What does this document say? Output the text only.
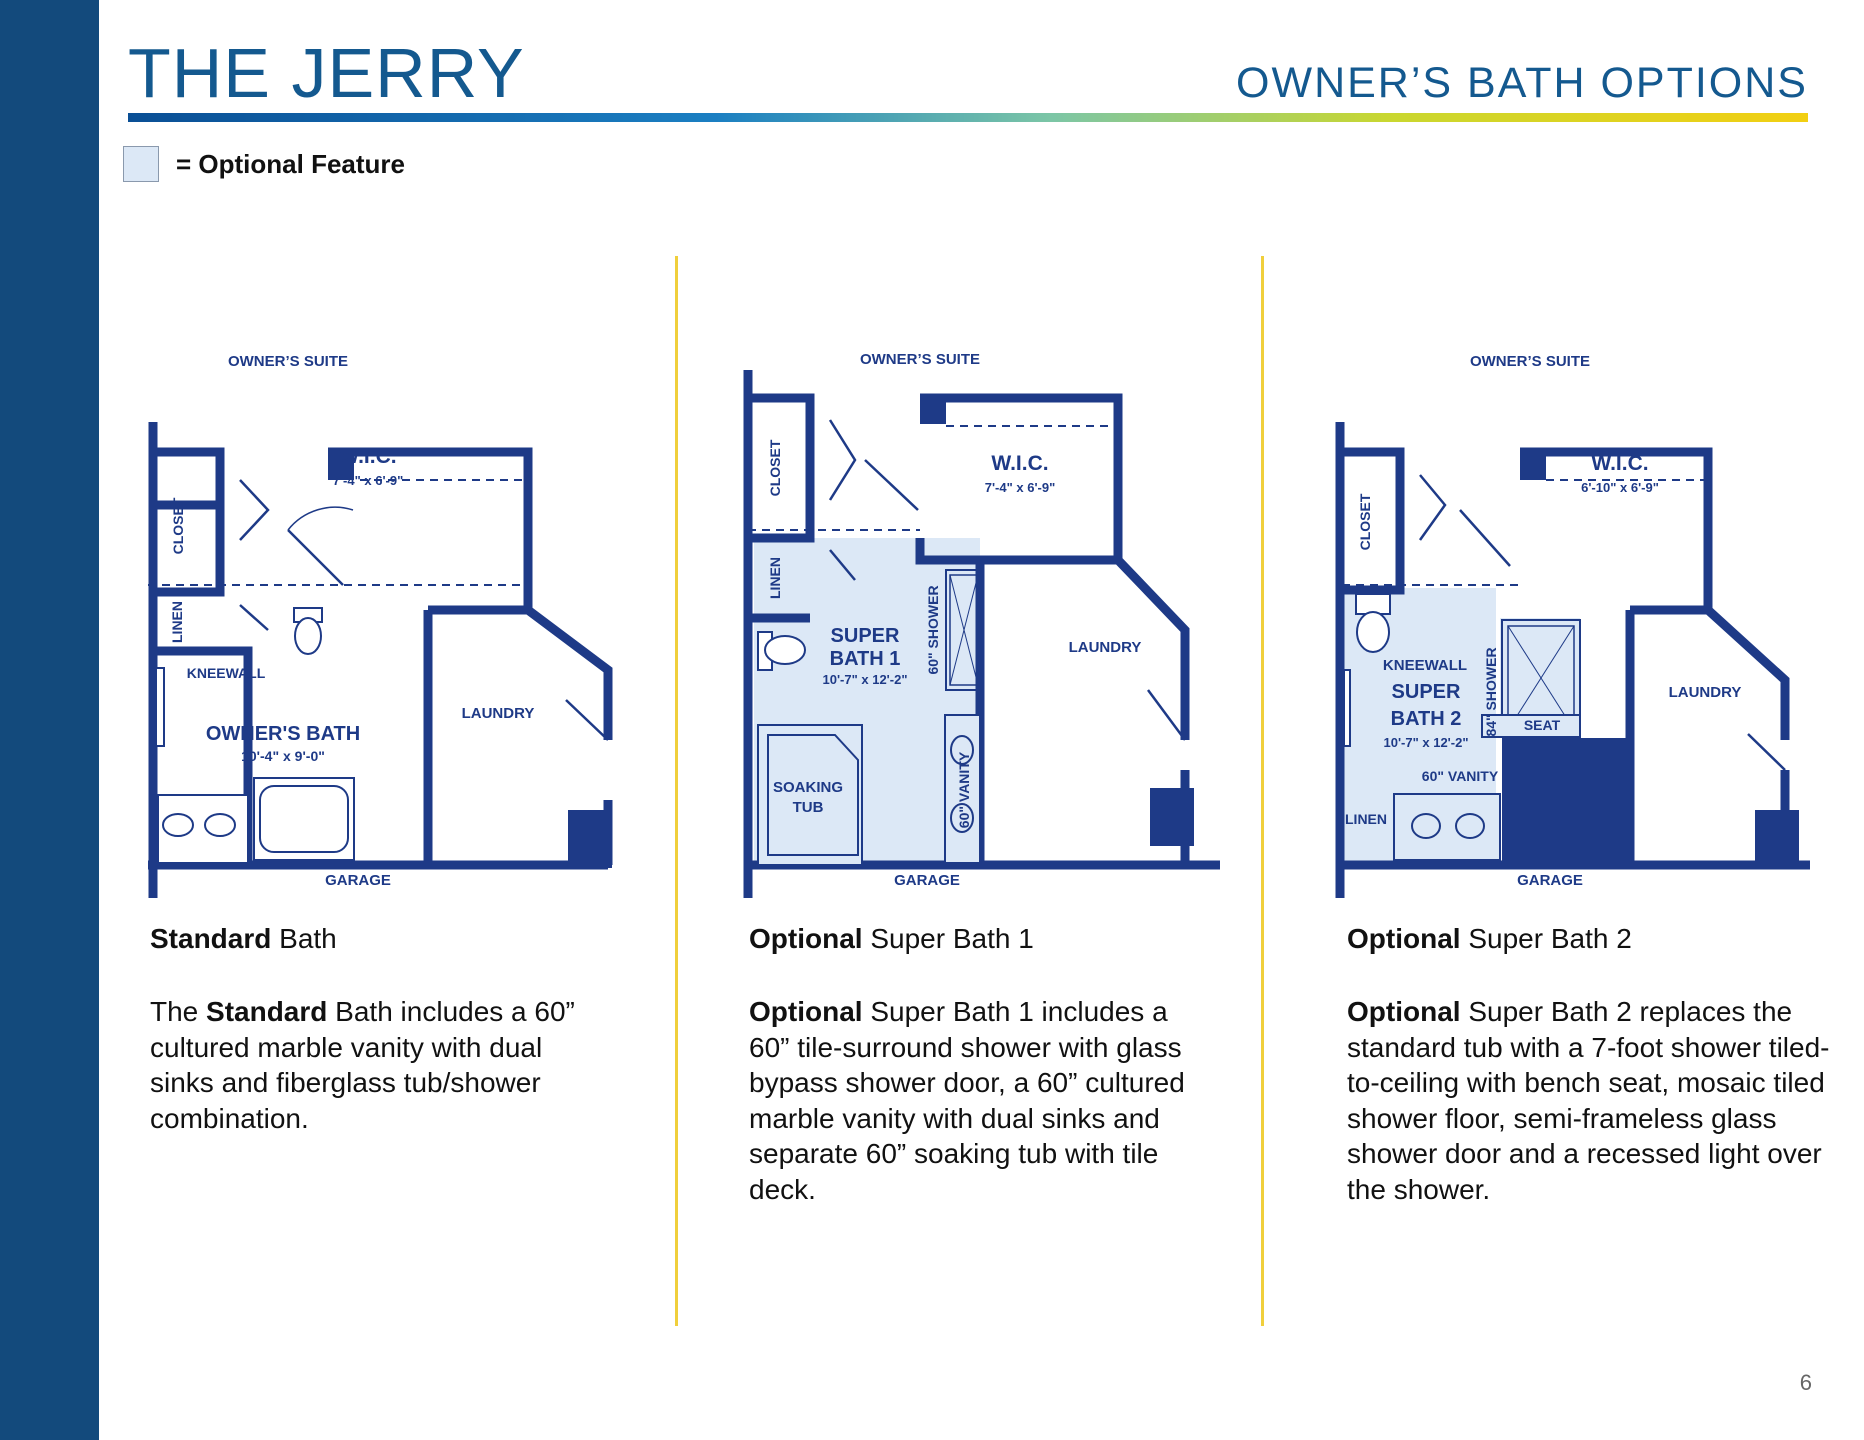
THE JERRY	OWNER’S BATH OPTIONS
= Optional Feature
OWNER’S SUITE
CLOSET
LINEN
W.I.C.
7'-4" x 6'-9"
KNEEWALL
OWNER'S BATH
10'-4" x 9'-0"
LAUNDRY
GARAGE
OWNER’S SUITE
CLOSET
LINEN
W.I.C.
7'-4" x 6'-9"
60" SHOWER
SUPER
BATH 1
10'-7" x 12'-2"
SOAKING
TUB	60" VANITY
LAUNDRY
GARAGE
OWNER’S SUITE
CLOSET
W.I.C.
6'-10" x 6'-9"
KNEEWALL 84" SHOWER
SUPER
BATH 2
10'-7" x 12'-2"
60" VANITY
SEAT
LINEN
LAUNDRY
GARAGE
Standard Bath	Optional Super Bath 1	Optional Super Bath 2

The Standard Bath includes a 60” cultured marble vanity with dual sinks and fiberglass tub/shower combination.

Optional Super Bath 1 includes a 60” tile-surround shower with glass bypass shower door, a 60” cultured marble vanity with dual sinks and separate 60” soaking tub with tile deck.

Optional Super Bath 2 replaces the standard tub with a 7-foot shower tiled-to-ceiling with bench seat, mosaic tiled shower floor, semi-frameless glass shower door and a recessed light over the shower.

6
